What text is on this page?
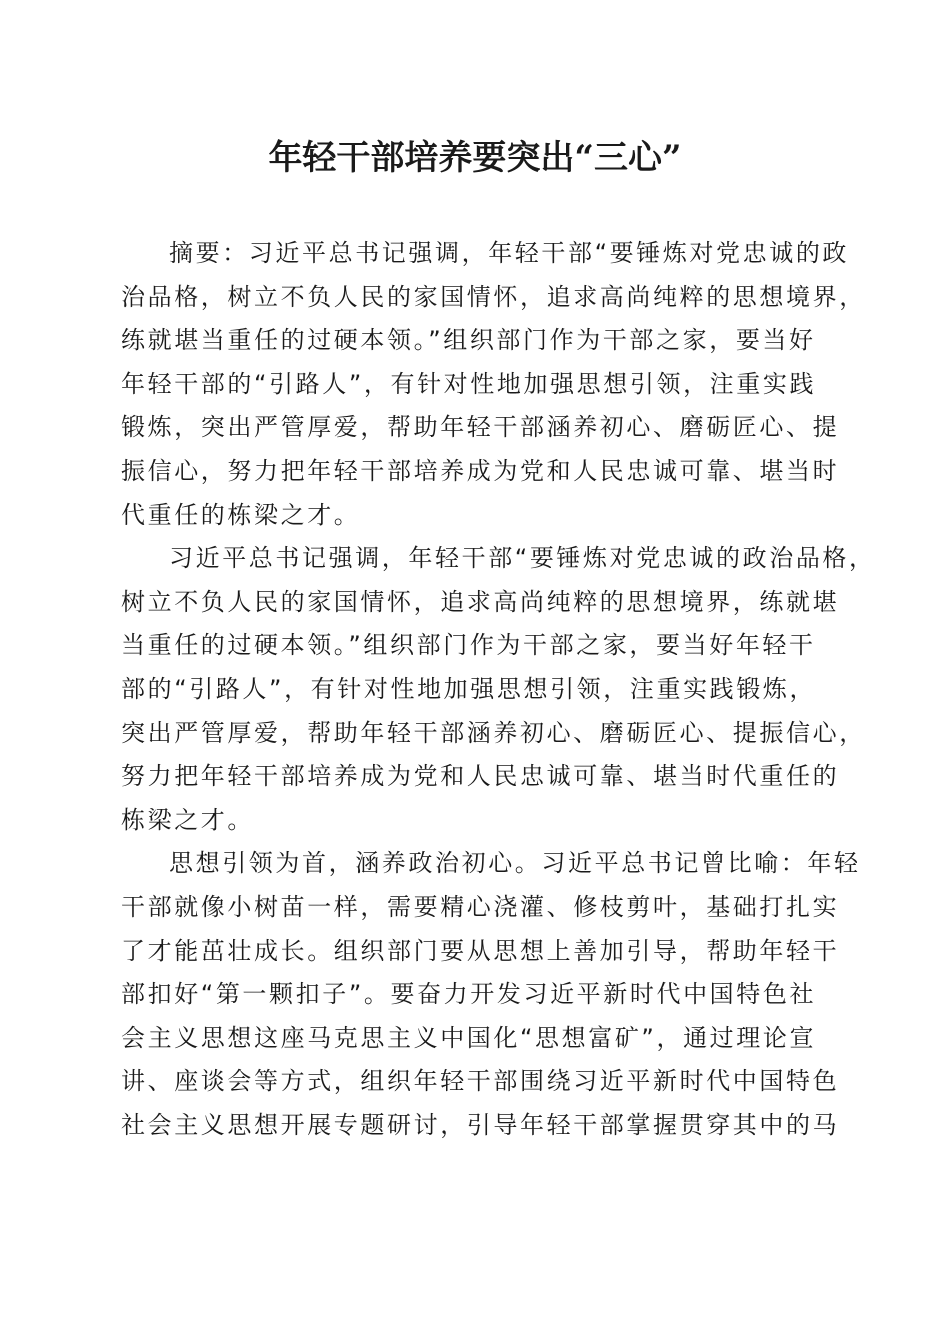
年轻干部培养要突出“三心”
摘要：习近平总书记强调，年轻干部“要锤炼对党忠诚的政
治品格，树立不负人民的家国情怀，追求高尚纯粹的思想境界，
练就堪当重任的过硬本领。”组织部门作为干部之家，要当好
年轻干部的“引路人”，有针对性地加强思想引领，注重实践
锻炼，突出严管厚爱，帮助年轻干部涵养初心、磨砺匠心、提
振信心，努力把年轻干部培养成为党和人民忠诚可靠、堪当时
代重任的栋梁之才。
习近平总书记强调，年轻干部“要锤炼对党忠诚的政治品格，
树立不负人民的家国情怀，追求高尚纯粹的思想境界，练就堪
当重任的过硬本领。”组织部门作为干部之家，要当好年轻干
部的“引路人”，有针对性地加强思想引领，注重实践锻炼，
突出严管厚爱，帮助年轻干部涵养初心、磨砺匠心、提振信心，
努力把年轻干部培养成为党和人民忠诚可靠、堪当时代重任的
栋梁之才。
思想引领为首，涵养政治初心。习近平总书记曾比喻：年轻
干部就像小树苗一样，需要精心浇灌、修枝剪叶，基础打扎实
了才能茁壮成长。组织部门要从思想上善加引导，帮助年轻干
部扣好“第一颗扣子”。要奋力开发习近平新时代中国特色社
会主义思想这座马克思主义中国化“思想富矿”，通过理论宣
讲、座谈会等方式，组织年轻干部围绕习近平新时代中国特色
社会主义思想开展专题研讨，引导年轻干部掌握贯穿其中的马
